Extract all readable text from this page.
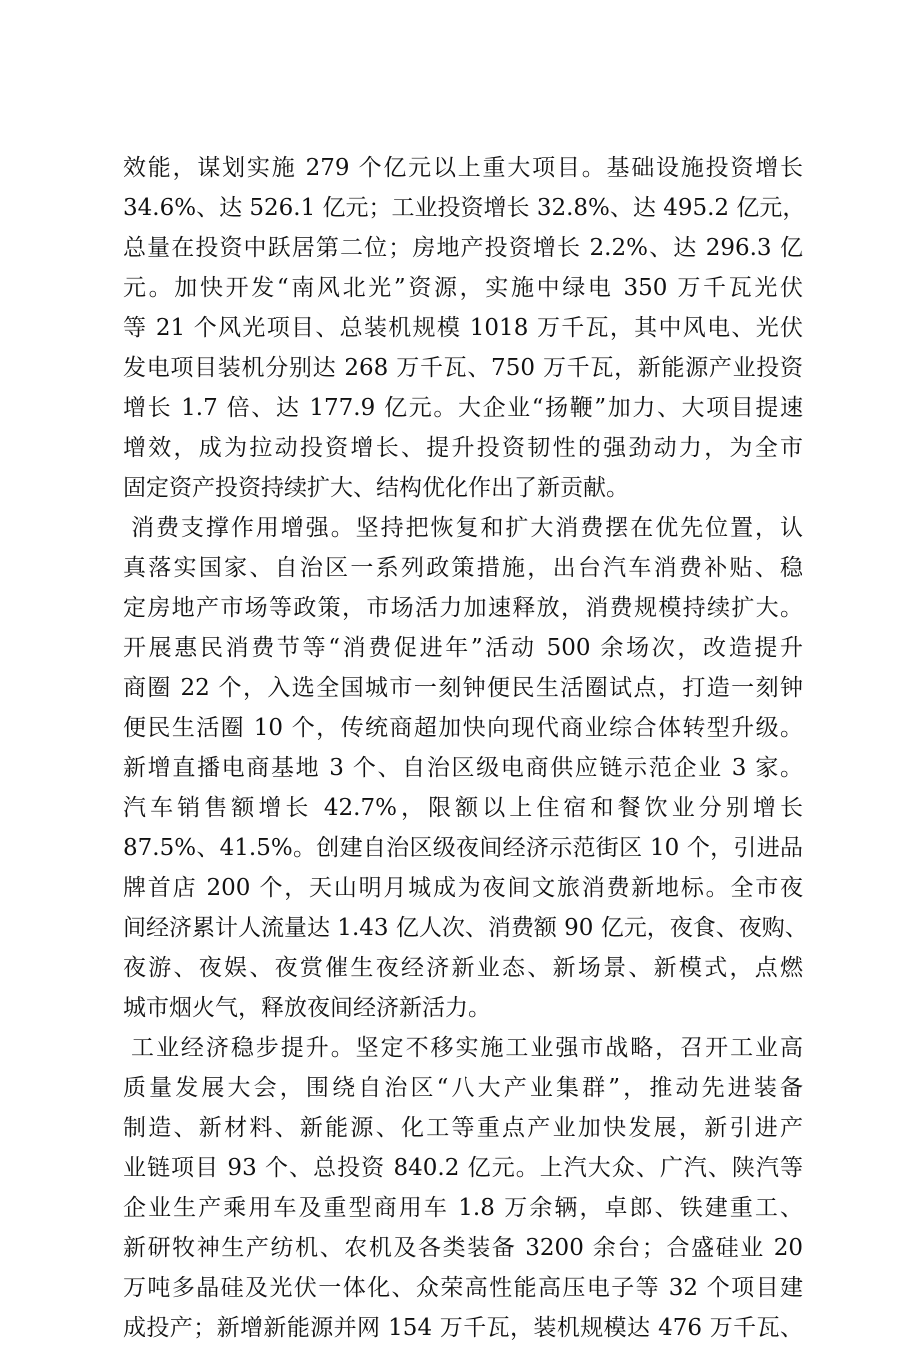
效能，谋划实施 279 个亿元以上重大项目。基础设施投资增长
34.6%、达 526.1 亿元；工业投资增长 32.8%、达 495.2 亿元，
总量在投资中跃居第二位；房地产投资增长 2.2%、达 296.3 亿
元。加快开发“南风北光”资源，实施中绿电 350 万千瓦光伏
等 21 个风光项目、总装机规模 1018 万千瓦，其中风电、光伏
发电项目装机分别达 268 万千瓦、750 万千瓦，新能源产业投资
增长 1.7 倍、达 177.9 亿元。大企业“扬鞭”加力、大项目提速
增效，成为拉动投资增长、提升投资韧性的强劲动力，为全市
固定资产投资持续扩大、结构优化作出了新贡献。
消费支撑作用增强。坚持把恢复和扩大消费摆在优先位置，认
真落实国家、自治区一系列政策措施，出台汽车消费补贴、稳
定房地产市场等政策，市场活力加速释放，消费规模持续扩大。
开展惠民消费节等“消费促进年”活动 500 余场次，改造提升
商圈 22 个，入选全国城市一刻钟便民生活圈试点，打造一刻钟
便民生活圈 10 个，传统商超加快向现代商业综合体转型升级。
新增直播电商基地 3 个、自治区级电商供应链示范企业 3 家。
汽车销售额增长 42.7%，限额以上住宿和餐饮业分别增长
87.5%、41.5%。创建自治区级夜间经济示范街区 10 个，引进品
牌首店 200 个，天山明月城成为夜间文旅消费新地标。全市夜
间经济累计人流量达 1.43 亿人次、消费额 90 亿元，夜食、夜购、
夜游、夜娱、夜赏催生夜经济新业态、新场景、新模式，点燃
城市烟火气，释放夜间经济新活力。
工业经济稳步提升。坚定不移实施工业强市战略，召开工业高
质量发展大会，围绕自治区“八大产业集群”，推动先进装备
制造、新材料、新能源、化工等重点产业加快发展，新引进产
业链项目 93 个、总投资 840.2 亿元。上汽大众、广汽、陕汽等
企业生产乘用车及重型商用车 1.8 万余辆，卓郎、铁建重工、
新研牧神生产纺机、农机及各类装备 3200 余台；合盛硅业 20
万吨多晶硅及光伏一体化、众荣高性能高压电子等 32 个项目建
成投产；新增新能源并网 154 万千瓦，装机规模达 476 万千瓦、
